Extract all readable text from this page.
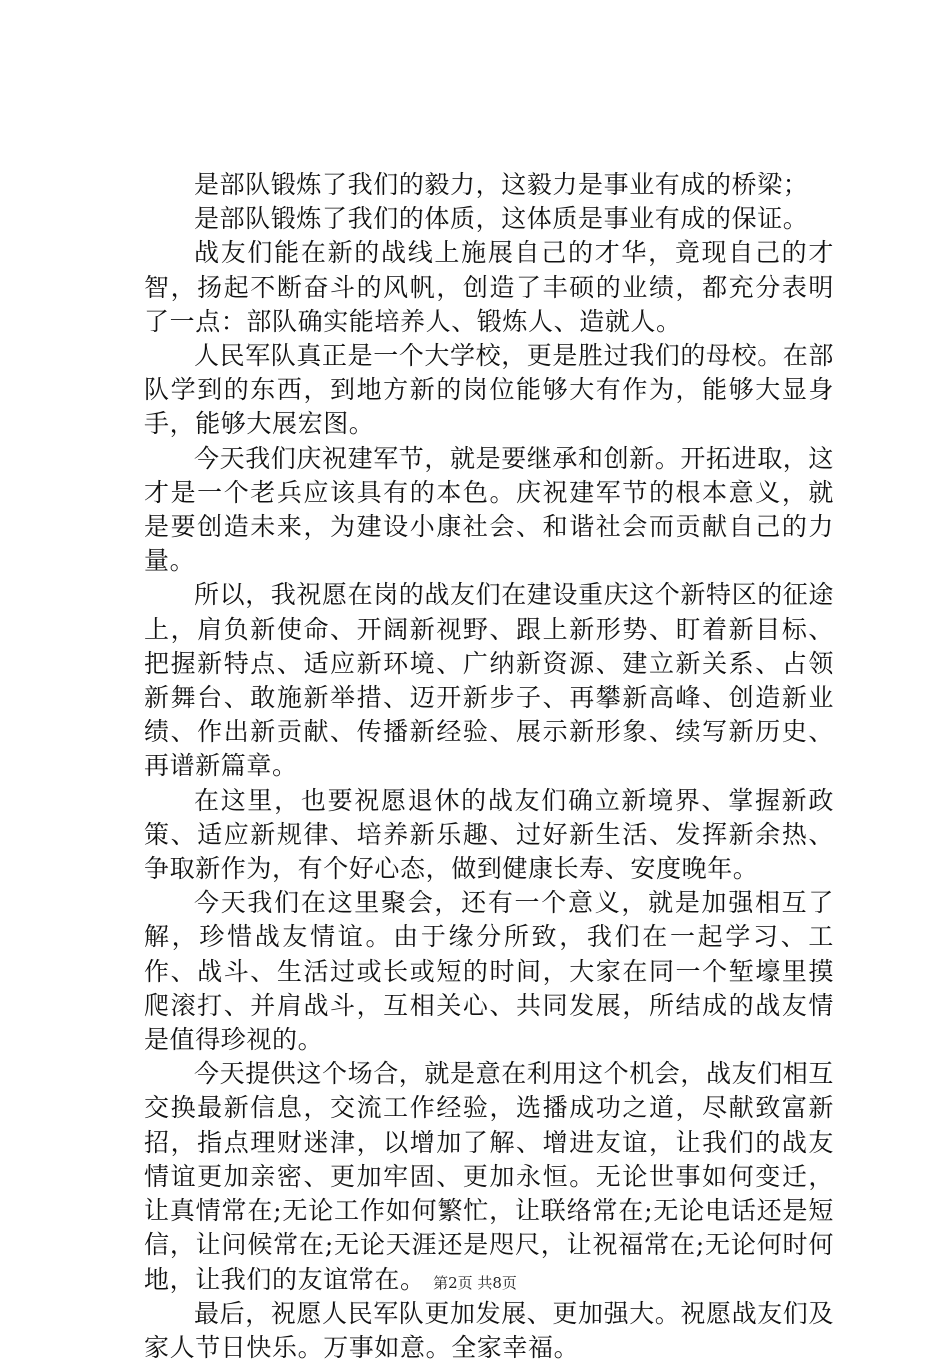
是部队锻炼了我们的毅力，这毅力是事业有成的桥梁；

是部队锻炼了我们的体质，这体质是事业有成的保证。

战友们能在新的战线上施展自己的才华，竟现自己的才智，扬起不断奋斗的风帆，创造了丰硕的业绩，都充分表明了一点：部队确实能培养人、锻炼人、造就人。

人民军队真正是一个大学校，更是胜过我们的母校。在部队学到的东西，到地方新的岗位能够大有作为，能够大显身手，能够大展宏图。

今天我们庆祝建军节，就是要继承和创新。开拓进取，这才是一个老兵应该具有的本色。庆祝建军节的根本意义，就是要创造未来，为建设小康社会、和谐社会而贡献自己的力量。

所以，我祝愿在岗的战友们在建设重庆这个新特区的征途上，肩负新使命、开阔新视野、跟上新形势、盯着新目标、把握新特点、适应新环境、广纳新资源、建立新关系、占领新舞台、敢施新举措、迈开新步子、再攀新高峰、创造新业绩、作出新贡献、传播新经验、展示新形象、续写新历史、再谱新篇章。

在这里，也要祝愿退休的战友们确立新境界、掌握新政策、适应新规律、培养新乐趣、过好新生活、发挥新余热、争取新作为，有个好心态，做到健康长寿、安度晚年。

今天我们在这里聚会，还有一个意义，就是加强相互了解，珍惜战友情谊。由于缘分所致，我们在一起学习、工作、战斗、生活过或长或短的时间，大家在同一个堑壕里摸爬滚打、并肩战斗，互相关心、共同发展，所结成的战友情是值得珍视的。

今天提供这个场合，就是意在利用这个机会，战友们相互交换最新信息，交流工作经验，选播成功之道，尽献致富新招，指点理财迷津，以增加了解、增进友谊，让我们的战友情谊更加亲密、更加牢固、更加永恒。无论世事如何变迁，让真情常在;无论工作如何繁忙，让联络常在;无论电话还是短信，让问候常在;无论天涯还是咫尺，让祝福常在;无论何时何地，让我们的友谊常在。

最后，祝愿人民军队更加发展、更加强大。祝愿战友们及家人节日快乐。万事如意。全家幸福。

第2页 共8页
